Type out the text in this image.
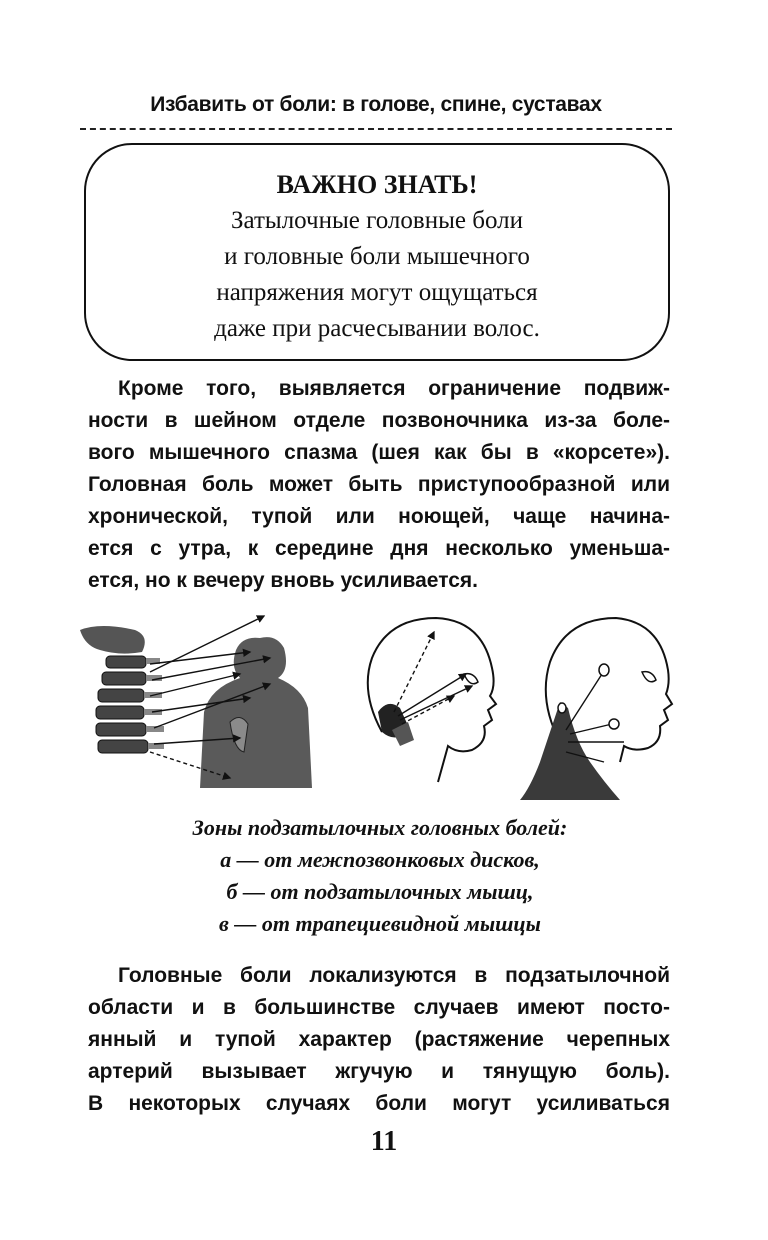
Избавить от боли: в голове, спине, суставах
ВАЖНО ЗНАТЬ!
Затылочные головные боли
и головные боли мышечного
напряжения могут ощущаться
даже при расчесывании волос.
Кроме того, выявляется ограничение подвиж-
ности в шейном отделе позвоночника из-за боле-
вого мышечного спазма (шея как бы в «корсете»).
Головная боль может быть приступообразной или
хронической, тупой или ноющей, чаще начина-
ется с утра, к середине дня несколько уменьша-
ется, но к вечеру вновь усиливается.
Зоны подзатылочных головных болей:
а — от межпозвонковых дисков,
б — от подзатылочных мышц,
в — от трапециевидной мышцы
Головные боли локализуются в подзатылочной
области и в большинстве случаев имеют посто-
янный и тупой характер (растяжение черепных
артерий вызывает жгучую и тянущую боль).
В некоторых случаях боли могут усиливаться
11
